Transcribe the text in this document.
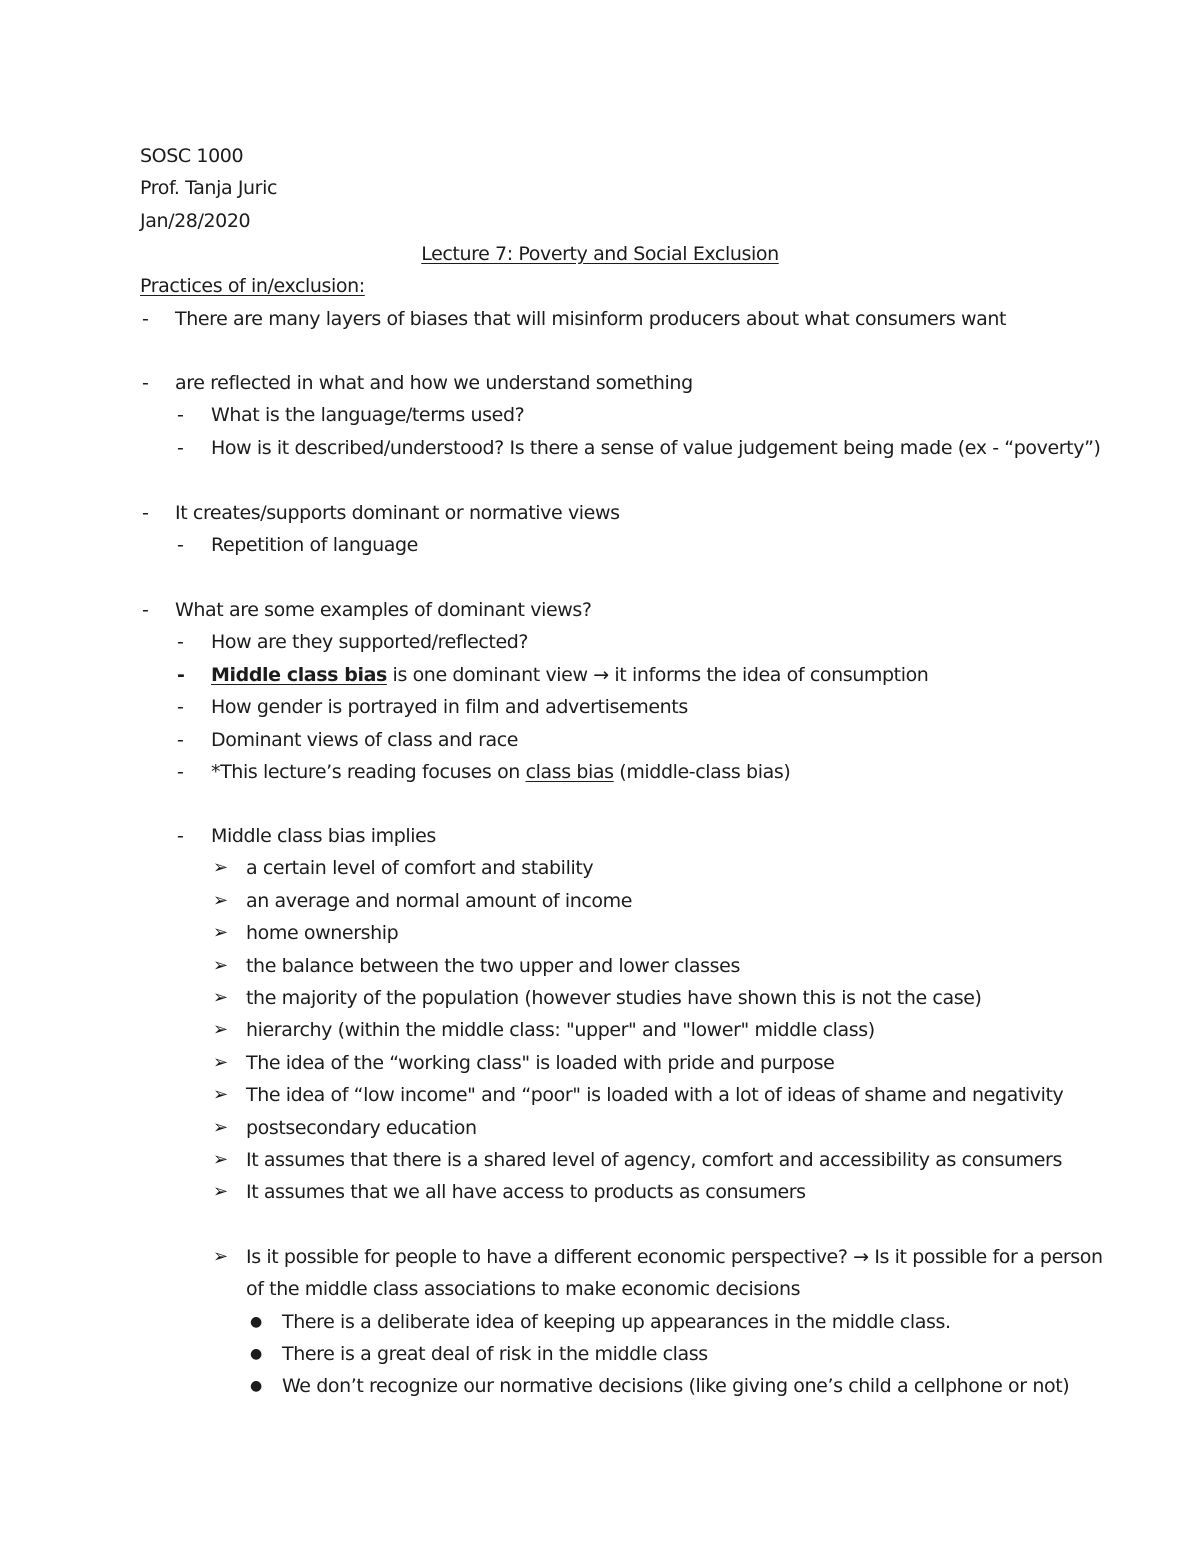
SOSC 1000
Prof. Tanja Juric
Jan/28/2020
Lecture 7: Poverty and Social Exclusion
Practices of in/exclusion:
- There are many layers of biases that will misinform producers about what consumers want
- are reflected in what and how we understand something
- What is the language/terms used?
- How is it described/understood? Is there a sense of value judgement being made (ex - “poverty”)
- It creates/supports dominant or normative views
- Repetition of language
- What are some examples of dominant views?
- How are they supported/reflected?
- Middle class bias is one dominant view → it informs the idea of consumption
- How gender is portrayed in film and advertisements
- Dominant views of class and race
- *This lecture’s reading focuses on class bias (middle-class bias)
- Middle class bias implies
➢ a certain level of comfort and stability
➢ an average and normal amount of income
➢ home ownership
➢ the balance between the two upper and lower classes
➢ the majority of the population (however studies have shown this is not the case)
➢ hierarchy (within the middle class: "upper" and "lower" middle class)
➢ The idea of the “working class" is loaded with pride and purpose
➢ The idea of “low income" and “poor" is loaded with a lot of ideas of shame and negativity
➢ postsecondary education
➢ It assumes that there is a shared level of agency, comfort and accessibility as consumers
➢ It assumes that we all have access to products as consumers
➢ Is it possible for people to have a different economic perspective? → Is it possible for a person
of the middle class associations to make economic decisions
● There is a deliberate idea of keeping up appearances in the middle class.
● There is a great deal of risk in the middle class
● We don’t recognize our normative decisions (like giving one’s child a cellphone or not)
